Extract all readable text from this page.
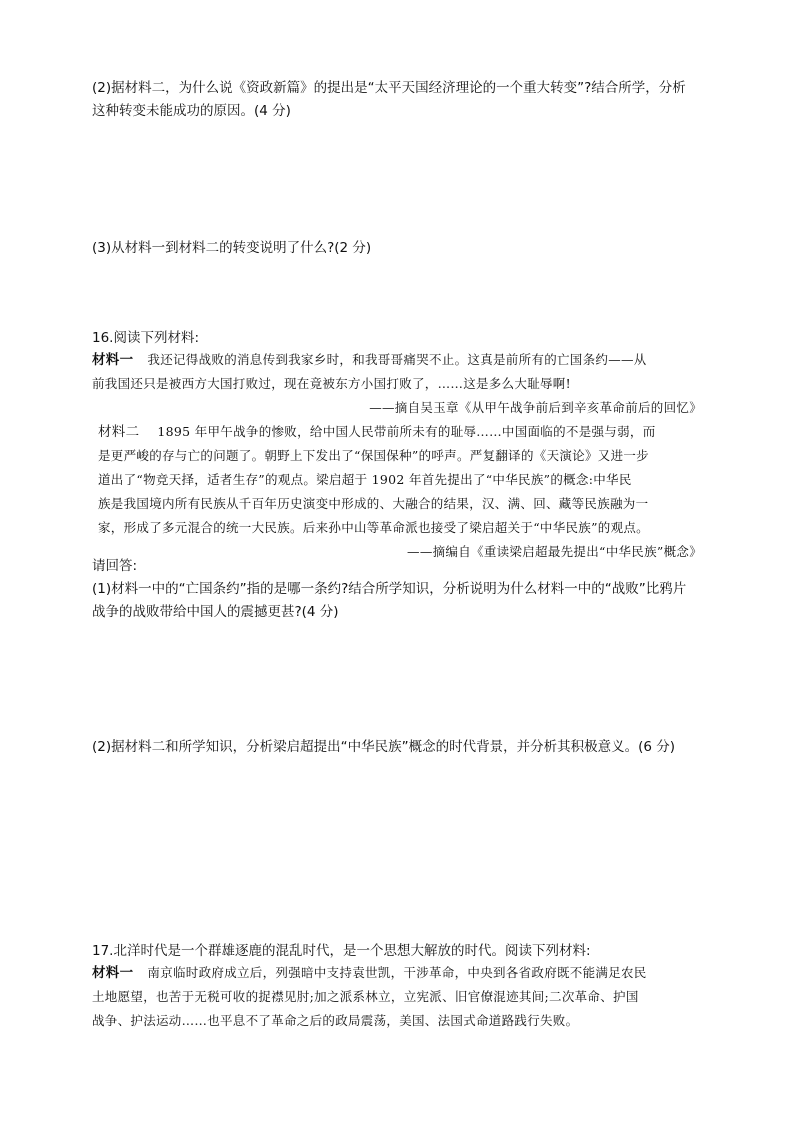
(2)据材料二，为什么说《资政新篇》的提出是“太平天国经济理论的一个重大转变”?结合所学，分析
这种转变未能成功的原因。(4 分)
(3)从材料一到材料二的转变说明了什么?(2 分)
16.阅读下列材料:
材料一 我还记得战败的消息传到我家乡时，和我哥哥痛哭不止。这真是前所有的亡国条约——从
前我国还只是被西方大国打败过，现在竟被东方小国打败了，……这是多么大耻辱啊!
——摘自吴玉章《从甲午战争前后到辛亥革命前后的回忆》
材料二 1895 年甲午战争的惨败，给中国人民带前所未有的耻辱……中国面临的不是强与弱，而
是更严峻的存与亡的问题了。朝野上下发出了“保国保种”的呼声。严复翻译的《天演论》又进一步
道出了“物竞天择，适者生存”的观点。梁启超于 1902 年首先提出了“中华民族”的概念:中华民
族是我国境内所有民族从千百年历史演变中形成的、大融合的结果，汉、满、回、藏等民族融为一
家，形成了多元混合的统一大民族。后来孙中山等革命派也接受了梁启超关于“中华民族”的观点。
——摘编自《重读梁启超最先提出“中华民族”概念》
请回答:
(1)材料一中的“亡国条约”指的是哪一条约?结合所学知识，分析说明为什么材料一中的“战败”比鸦片
战争的战败带给中国人的震撼更甚?(4 分)
(2)据材料二和所学知识，分析梁启超提出“中华民族”概念的时代背景，并分析其积极意义。(6 分)
17.北洋时代是一个群雄逐鹿的混乱时代，是一个思想大解放的时代。阅读下列材料:
材料一 南京临时政府成立后，列强暗中支持袁世凯，干涉革命，中央到各省政府既不能满足农民
土地愿望，也苦于无税可收的捉襟见肘;加之派系林立，立宪派、旧官僚混迹其间;二次革命、护国
战争、护法运动……也平息不了革命之后的政局震荡，美国、法国式命道路践行失败。
